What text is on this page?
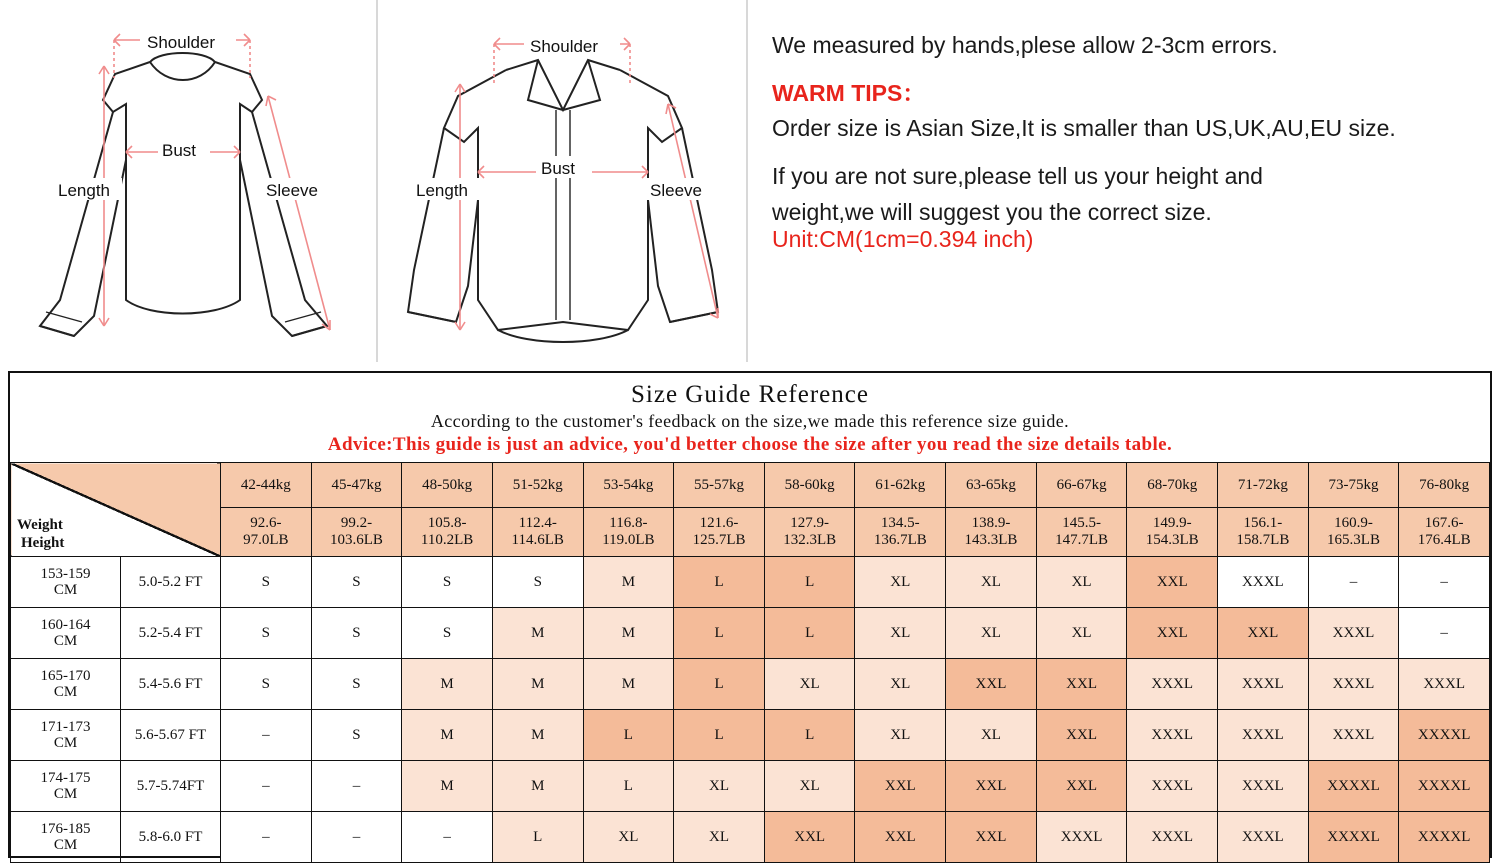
Shoulder
Bust
Length	Sleeve
Shoulder
Bust
Length	Sleeve

We measured by hands,plese allow 2-3cm errors.

WARM TIPS：

Order size is Asian Size,It is smaller than US,UK,AU,EU size.

If you are not sure,please tell us your height and

weight,we will suggest you the correct size.

Unit:CM(1cm=0.394 inch)

Size Guide Reference
According to the customer's feedback on the size,we made this reference size guide.
Advice:This guide is just an advice, you'd better choose the size after you read the size details table.
Weight
Height		42-44kg	45-47kg	48-50kg	51-52kg	53-54kg	55-57kg	58-60kg	61-62kg	63-65kg	66-67kg	68-70kg	71-72kg	73-75kg	76-80kg
		92.6-
97.0LB	99.2-
103.6LB	105.8-
110.2LB	112.4-
114.6LB	116.8-
119.0LB	121.6-
125.7LB	127.9-
132.3LB	134.5-
136.7LB	138.9-
143.3LB	145.5-
147.7LB	149.9-
154.3LB	156.1-
158.7LB	160.9-
165.3LB	167.6-
176.4LB
153-159
CM	5.0-5.2 FT	S	S	S	S	M	L	L	XL	XL	XL	XXL	XXXL	–	–
160-164
CM	5.2-5.4 FT	S	S	S	M	M	L	L	XL	XL	XL	XXL	XXL	XXXL	–
165-170
CM	5.4-5.6 FT	S	S	M	M	M	L	XL	XL	XXL	XXL	XXXL	XXXL	XXXL	XXXL
171-173
CM	5.6-5.67 FT	–	S	M	M	L	L	L	XL	XL	XXL	XXXL	XXXL	XXXL	XXXXL
174-175
CM	5.7-5.74FT	–	–	M	M	L	XL	XL	XXL	XXL	XXL	XXXL	XXXL	XXXXL	XXXXL
176-185
CM	5.8-6.0 FT	–	–	–	L	XL	XL	XXL	XXL	XXL	XXXL	XXXL	XXXL	XXXXL	XXXXL
